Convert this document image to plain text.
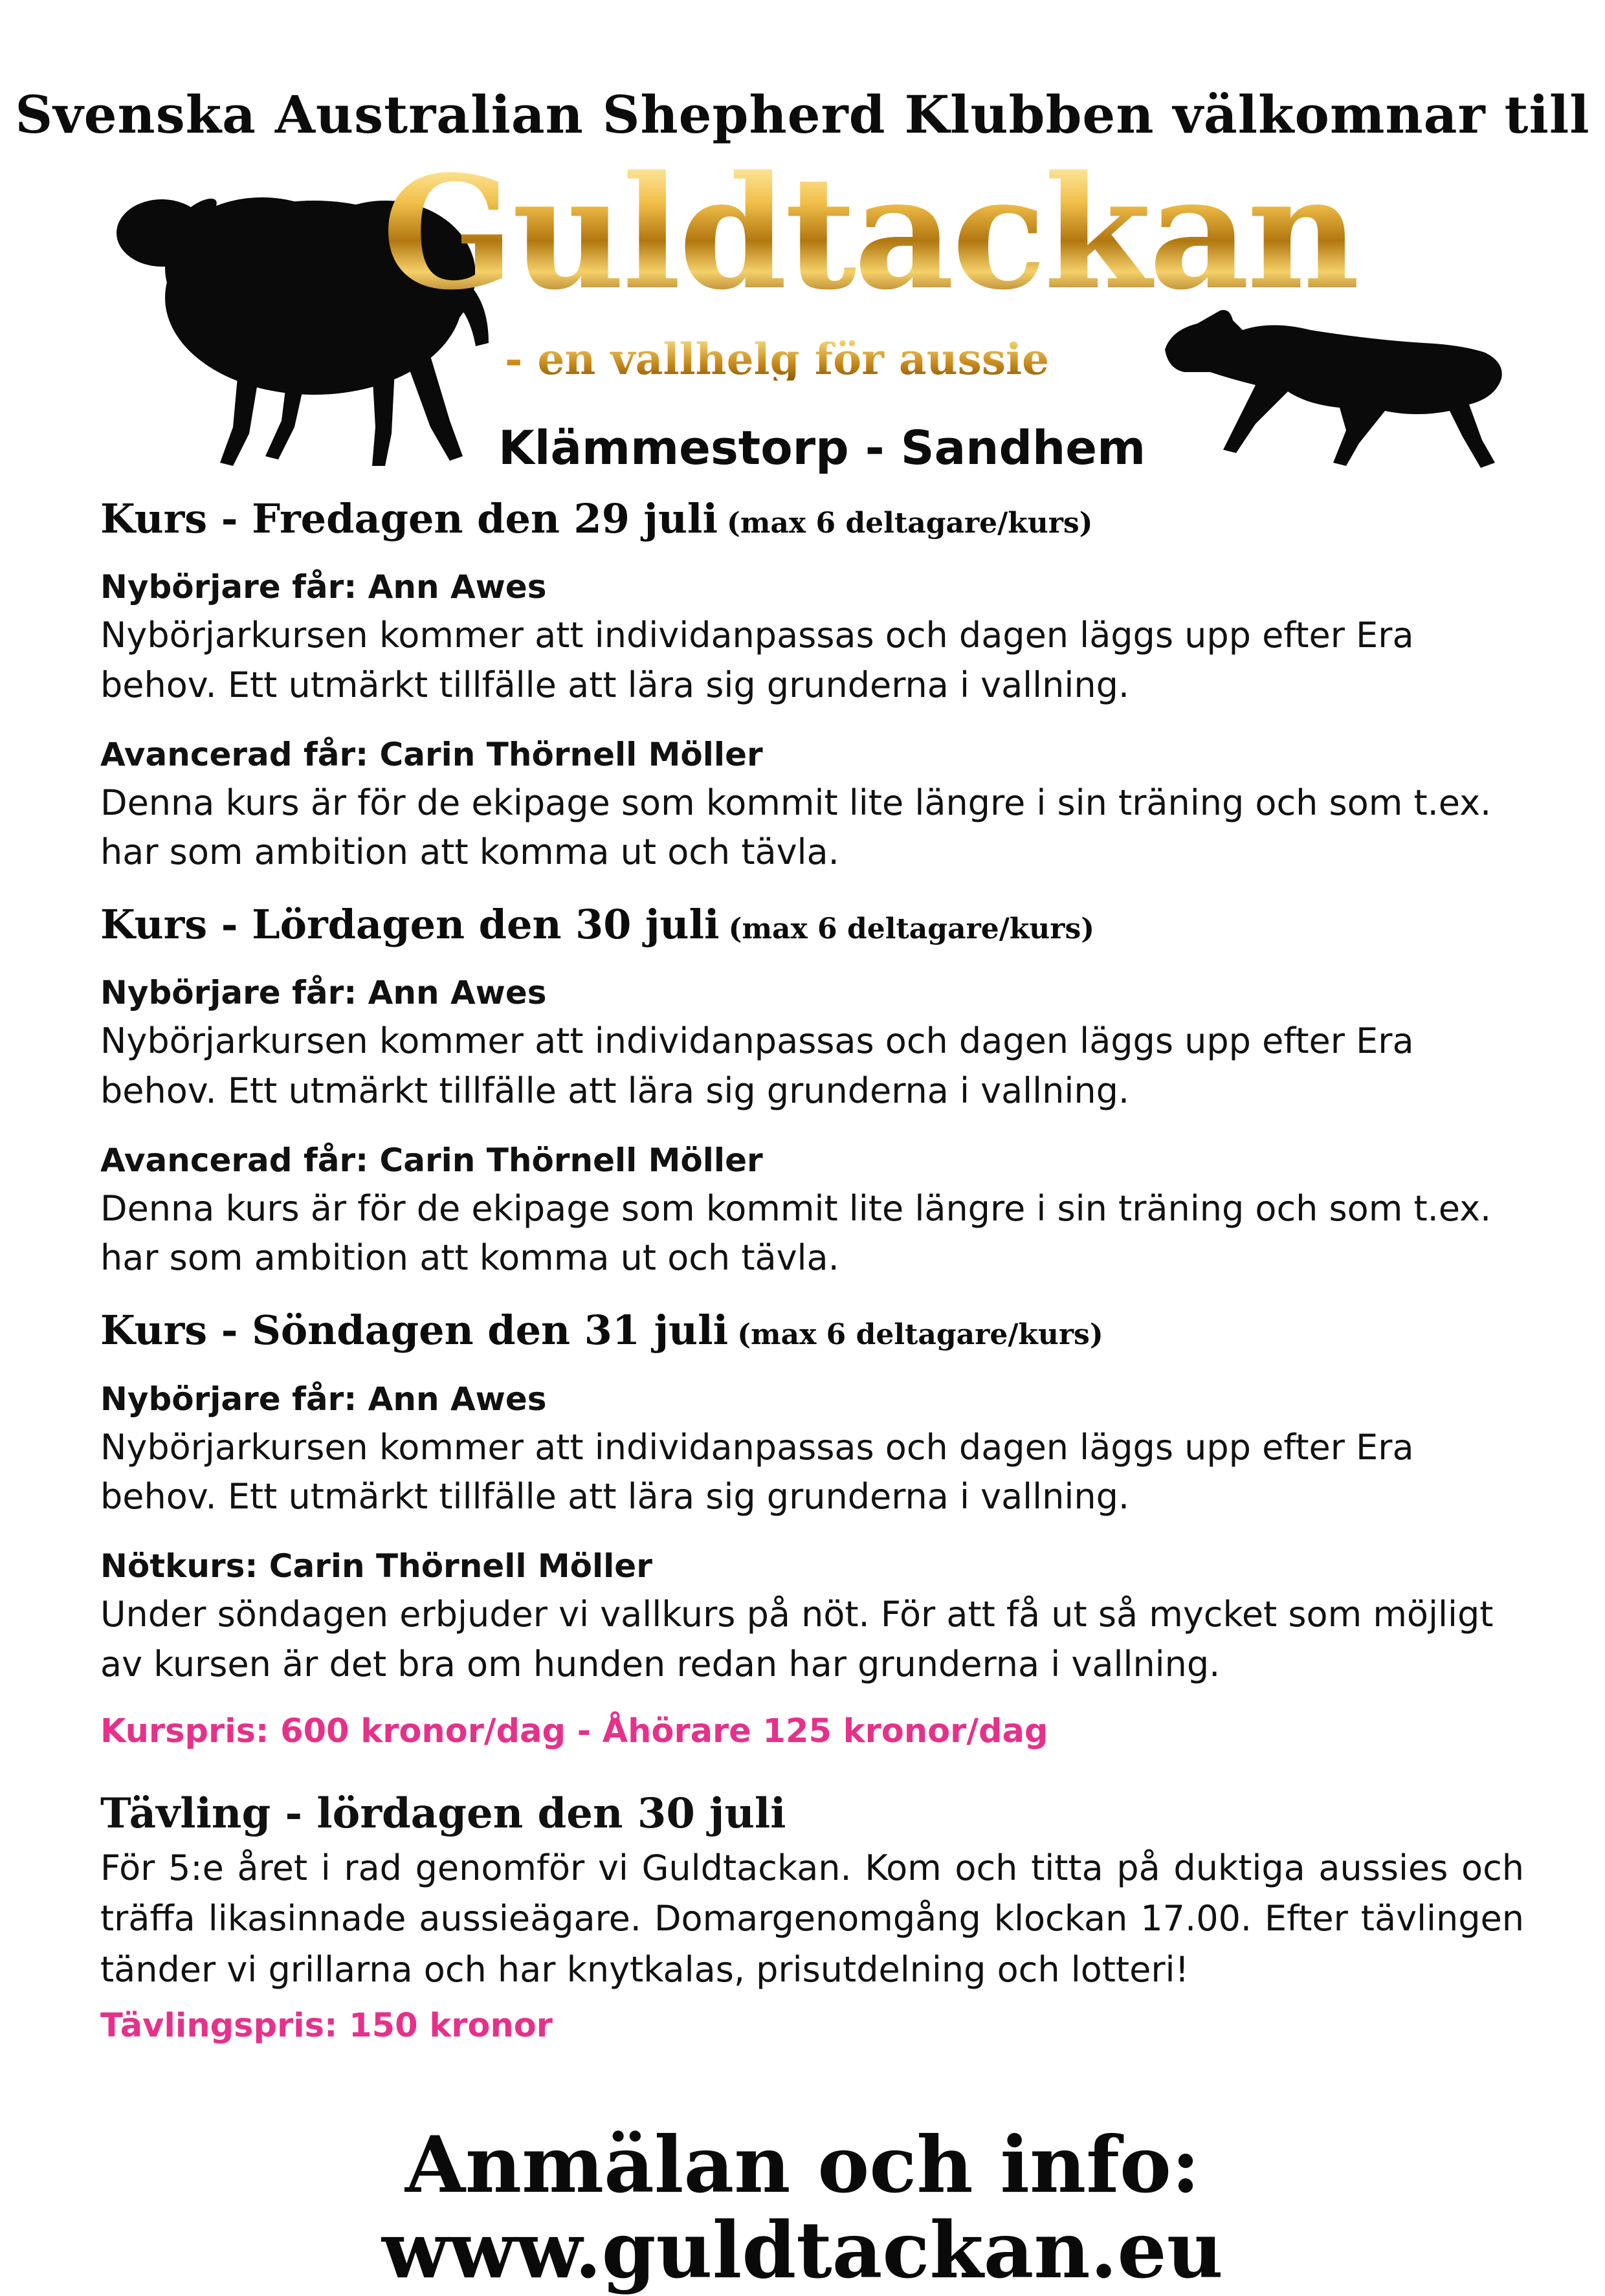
Svenska Australian Shepherd Klubben välkomnar till
Guldtackan
- en vallhelg för aussie
Klämmestorp - Sandhem
Kurs - Fredagen den 29 juli (max 6 deltagare/kurs)

Nybörjare får: Ann Awes

Nybörjarkursen kommer att individanpassas och dagen läggs upp efter Era behov. Ett utmärkt tillfälle att lära sig grunderna i vallning.

Avancerad får: Carin Thörnell Möller

Denna kurs är för de ekipage som kommit lite längre i sin träning och som t.ex. har som ambition att komma ut och tävla.

Kurs - Lördagen den 30 juli (max 6 deltagare/kurs)

Nybörjare får: Ann Awes

Nybörjarkursen kommer att individanpassas och dagen läggs upp efter Era behov. Ett utmärkt tillfälle att lära sig grunderna i vallning.

Avancerad får: Carin Thörnell Möller

Denna kurs är för de ekipage som kommit lite längre i sin träning och som t.ex. har som ambition att komma ut och tävla.

Kurs - Söndagen den 31 juli (max 6 deltagare/kurs)

Nybörjare får: Ann Awes

Nybörjarkursen kommer att individanpassas och dagen läggs upp efter Era behov. Ett utmärkt tillfälle att lära sig grunderna i vallning.

Nötkurs: Carin Thörnell Möller

Under söndagen erbjuder vi vallkurs på nöt. För att få ut så mycket som möjligt av kursen är det bra om hunden redan har grunderna i vallning.

Kurspris: 600 kronor/dag - Åhörare 125 kronor/dag

Tävling - lördagen den 30 juli

För 5:e året i rad genomför vi Guldtackan. Kom och titta på duktiga aussies och träffa likasinnade aussieägare. Domargenomgång klockan 17.00. Efter tävlingen tänder vi grillarna och har knytkalas, prisutdelning och lotteri!

Tävlingspris: 150 kronor
Anmälan och info: www.guldtackan.eu
